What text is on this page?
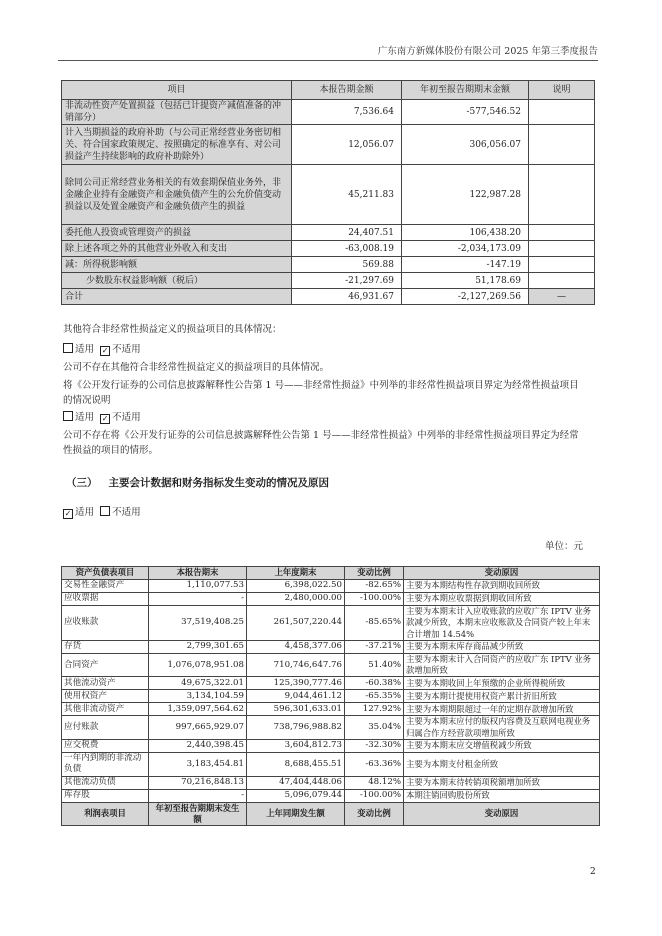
广东南方新媒体股份有限公司 2025 年第三季度报告
项目	本报告期金额	年初至报告期期末金额	说明
非流动性资产处置损益（包括已计提资产减值准备的冲销部分）	7,536.64	-577,546.52	
计入当期损益的政府补助（与公司正常经营业务密切相关、符合国家政策规定、按照确定的标准享有、对公司损益产生持续影响的政府补助除外）	12,056.07	306,056.07	
除同公司正常经营业务相关的有效套期保值业务外，非金融企业持有金融资产和金融负债产生的公允价值变动损益以及处置金融资产和金融负债产生的损益	45,211.83	122,987.28	
委托他人投资或管理资产的损益	24,407.51	106,438.20	
除上述各项之外的其他营业外收入和支出	-63,008.19	-2,034,173.09	
减：所得税影响额	569.88	-147.19	
少数股东权益影响额（税后）	-21,297.69	51,178.69	
合计	46,931.67	-2,127,269.56	—
其他符合非经常性损益定义的损益项目的具体情况：
适用 ✓ 不适用
公司不存在其他符合非经常性损益定义的损益项目的具体情况。
将《公开发行证券的公司信息披露解释性公告第 1 号——非经常性损益》中列举的非经常性损益项目界定为经常性损益项目的情况说明
适用 ✓ 不适用
公司不存在将《公开发行证券的公司信息披露解释性公告第 1 号——非经常性损益》中列举的非经常性损益项目界定为经常性损益的项目的情形。
（三） 主要会计数据和财务指标发生变动的情况及原因
✓ 适用 不适用
单位：元
资产负债表项目	本报告期末	上年度期末	变动比例	变动原因
交易性金融资产	1,110,077.53	6,398,022.50	-82.65%	主要为本期结构性存款到期收回所致
应收票据	-	2,480,000.00	-100.00%	主要为本期应收票据到期收回所致
应收账款	37,519,408.25	261,507,220.44	-85.65%	主要为本期末计入应收账款的应收广东 IPTV 业务款减少所致，本期末应收账款及合同资产较上年末合计增加 14.54%
存货	2,799,301.65	4,458,377.06	-37.21%	主要为本期末库存商品减少所致
合同资产	1,076,078,951.08	710,746,647.76	51.40%	主要为本期末计入合同资产的应收广东 IPTV 业务款增加所致
其他流动资产	49,675,322.01	125,390,777.46	-60.38%	主要为本期收回上年预缴的企业所得税所致
使用权资产	3,134,104.59	9,044,461.12	-65.35%	主要为本期计提使用权资产累计折旧所致
其他非流动资产	1,359,097,564.62	596,301,633.01	127.92%	主要为本期期限超过一年的定期存款增加所致
应付账款	997,665,929.07	738,796,988.82	35.04%	主要为本期末应付的版权内容费及互联网电视业务归属合作方经营款项增加所致
应交税费	2,440,398.45	3,604,812.73	-32.30%	主要为本期末应交增值税减少所致
一年内到期的非流动负债	3,183,454.81	8,688,455.51	-63.36%	主要为本期支付租金所致
其他流动负债	70,216,848.13	47,404,448.06	48.12%	主要为本期末待转销项税额增加所致
库存股	-	5,096,079.44	-100.00%	本期注销回购股份所致
利润表项目	年初至报告期期末发生额	上年同期发生额	变动比例	变动原因
2
